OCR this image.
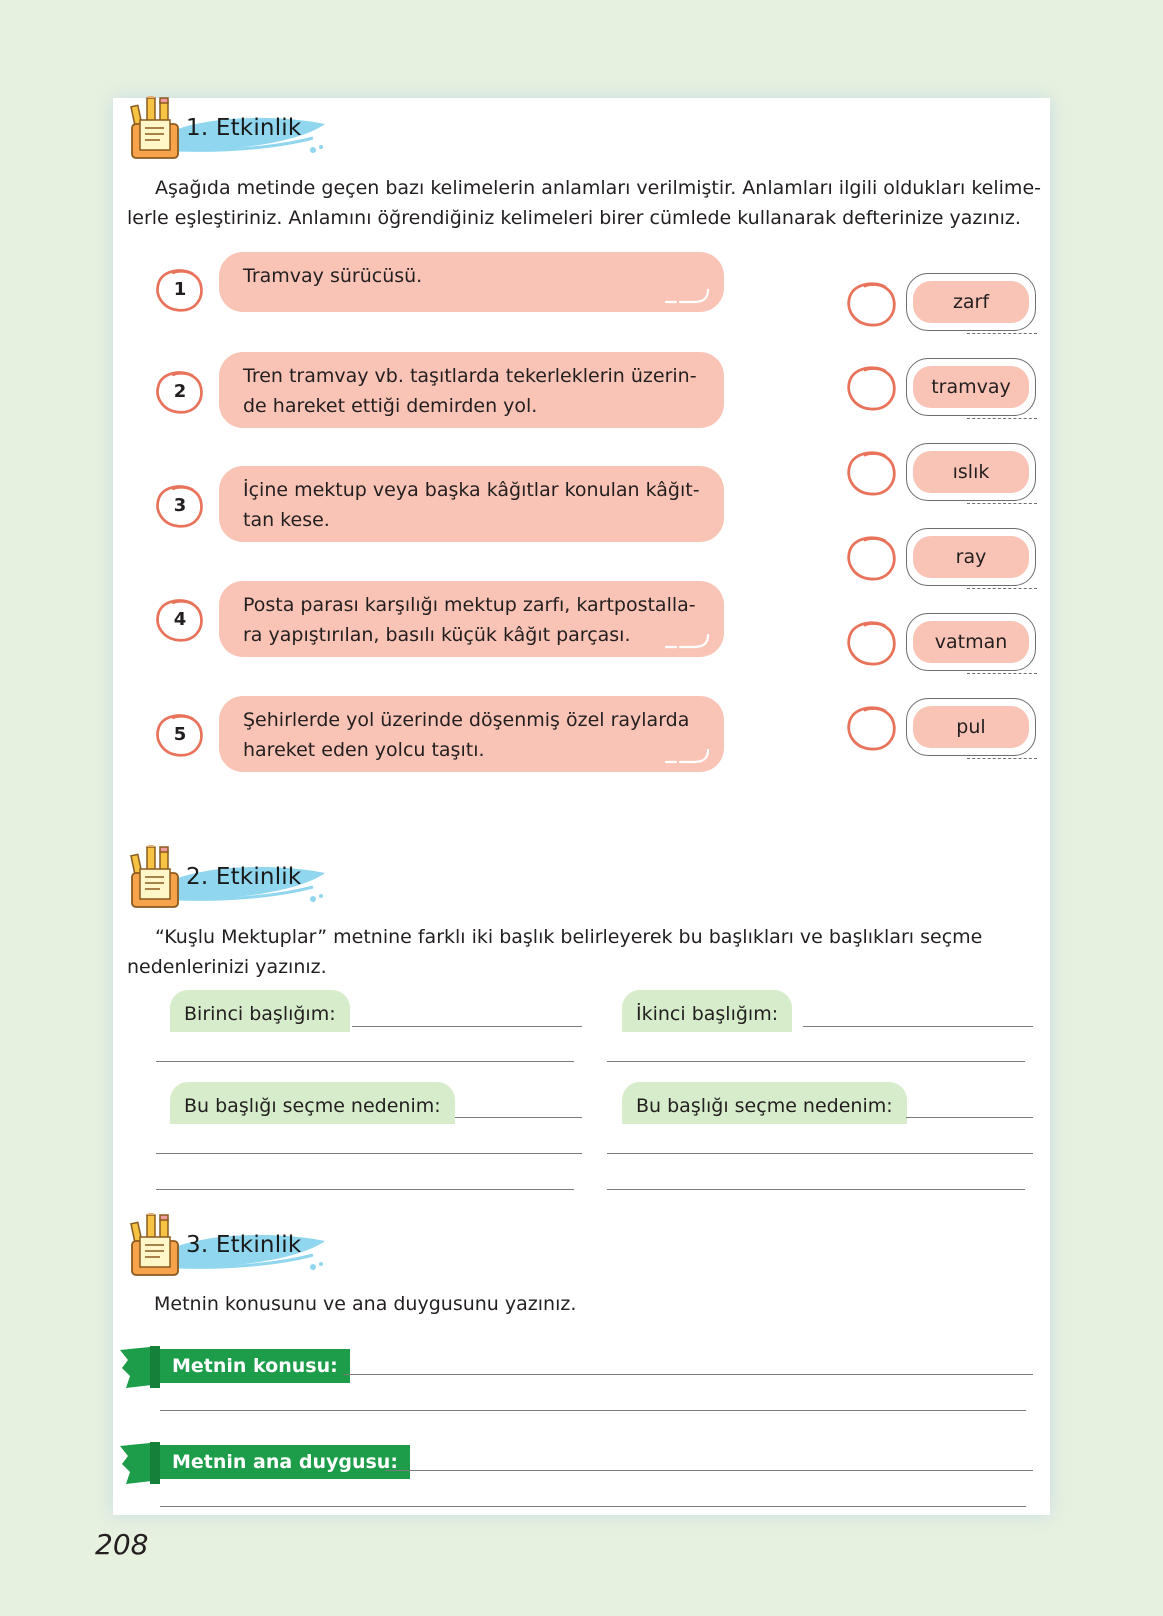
1. Etkinlik
Aşağıda metinde geçen bazı kelimelerin anlamları verilmiştir. Anlamları ilgili oldukları kelime-
lerle eşleştiriniz. Anlamını öğrendiğiniz kelimeleri birer cümlede kullanarak defterinize yazınız.
1
Tramvay sürücüsü.
2
Tren tramvay vb. taşıtlarda tekerleklerin üzerin-
de hareket ettiği demirden yol.
3
İçine mektup veya başka kâğıtlar konulan kâğıt-
tan kese.
4
Posta parası karşılığı mektup zarfı, kartpostalla-
ra yapıştırılan, basılı küçük kâğıt parçası.
5
Şehirlerde yol üzerinde döşenmiş özel raylarda
hareket eden yolcu taşıtı.
zarf
tramvay
ıslık
ray
vatman
pul
2. Etkinlik
“Kuşlu Mektuplar” metnine farklı iki başlık belirleyerek bu başlıkları ve başlıkları seçme
nedenlerinizi yazınız.
Birinci başlığım:	İkinci başlığım:
Bu başlığı seçme nedenim:	Bu başlığı seçme nedenim:
3. Etkinlik
Metnin konusunu ve ana duygusunu yazınız.
Metnin konusu:
Metnin ana duygusu:
208
